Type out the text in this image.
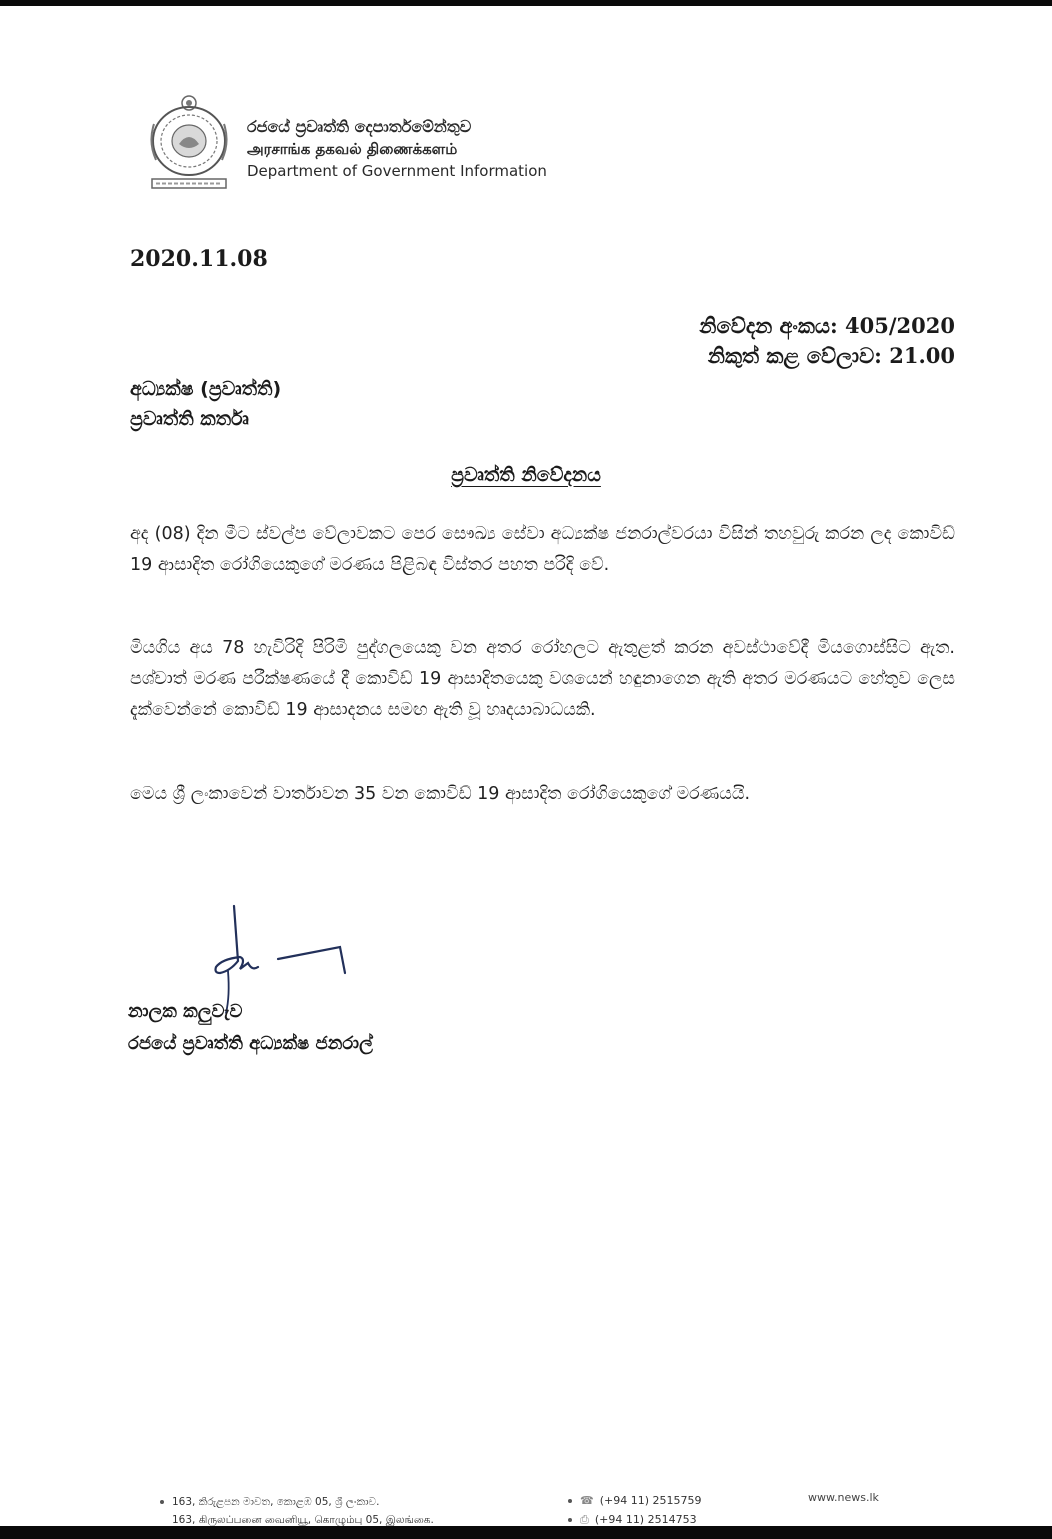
රජයේ ප්‍රවෘත්ති දෙපාර්තමේන්තුව
அரசாங்க தகவல் திணைக்களம்
Department of Government Information
2020.11.08
නිවේදන අංකය: 405/2020
නිකුත් කළ වේලාව: 21.00
අධ්‍යක්ෂ (ප්‍රවෘත්ති)
ප්‍රවෘත්ති කර්තෘ
ප්‍රවෘත්ති නිවේදනය
අද (08) දින මීට ස්වල්ප වේලාවකට පෙර සෞඛ්‍ය සේවා අධ්‍යක්ෂ ජනරාල්වරයා විසින් තහවුරු කරන ලද කොවිඩ් 19 ආසාදිත රෝගියෙකුගේ මරණය පිළිබඳ විස්තර පහත පරිදි වේ.
මියගිය අය 78 හැවිරිදි පිරිමි පුද්ගලයෙකු වන අතර රෝහලට ඇතුළත් කරන අවස්ථාවේදී මියගොස්සිට ඇත. පශ්චාත් මරණ පරීක්ෂණයේ දී කොවිඩ් 19 ආසාදිතයෙකු වශයෙන් හඳුනාගෙන ඇති අතර මරණයට හේතුව ලෙස දැක්වෙන්නේ කොවිඩ් 19 ආසාදනය සමඟ ඇති වූ හෘදයාබාධයකි.
මෙය ශ්‍රී ලංකාවෙන් වාර්තාවන 35 වන කොවිඩ් 19 ආසාදිත රෝගියෙකුගේ මරණයයි.
නාලක කලුවැව
රජයේ ප්‍රවෘත්ති අධ්‍යක්ෂ ජනරාල්
163, කිරුළපන මාවත, කොළඹ 05, ශ්‍රී ලංකාව.
163, கிருலப்பனை வைனியூ, கொழும்பு 05, இலங்கை.
☎ (+94 11) 2515759
⎙ (+94 11) 2514753
www.news.lk
